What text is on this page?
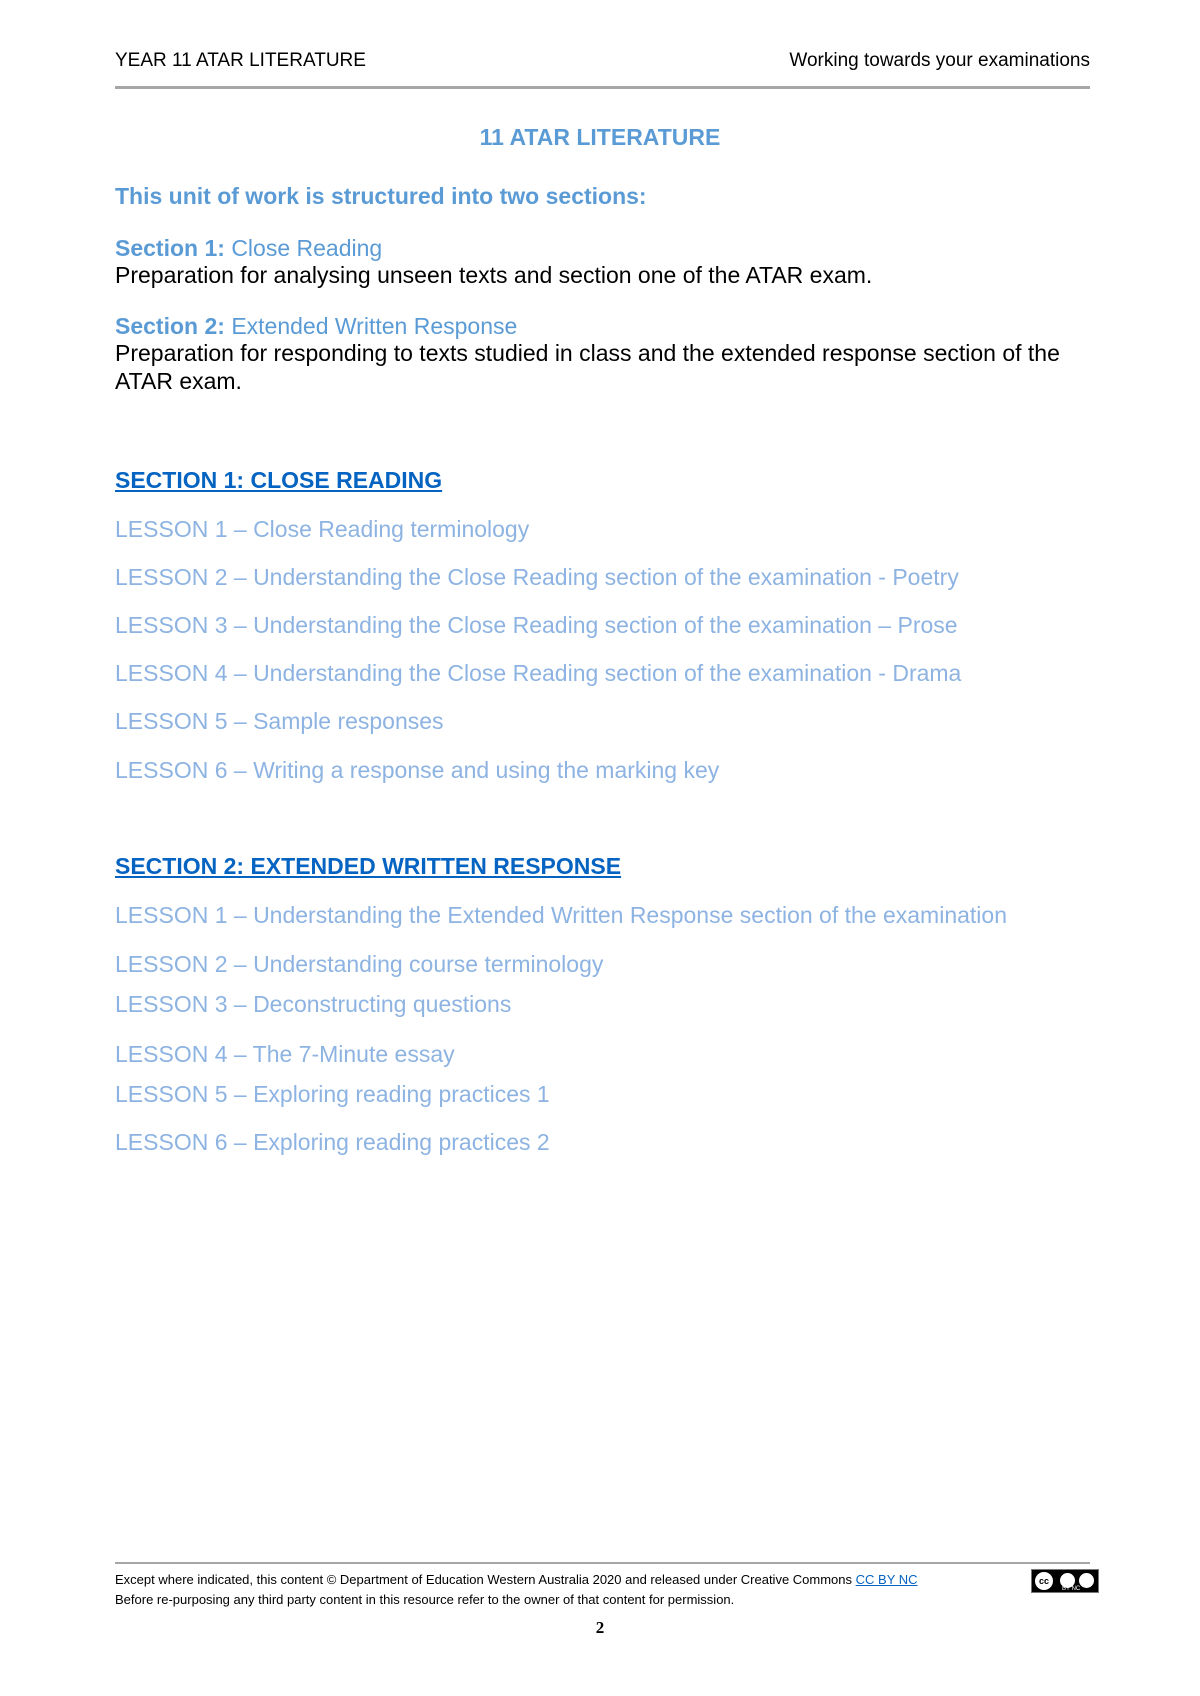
YEAR 11 ATAR LITERATURE	Working towards your examinations
11 ATAR LITERATURE
This unit of work is structured into two sections:
Section 1: Close Reading
Preparation for analysing unseen texts and section one of the ATAR exam.
Section 2: Extended Written Response
Preparation for responding to texts studied in class and the extended response section of the ATAR exam.
SECTION 1: CLOSE READING
LESSON 1 – Close Reading terminology
LESSON 2 – Understanding the Close Reading section of the examination - Poetry
LESSON 3 – Understanding the Close Reading section of the examination – Prose
LESSON 4 – Understanding the Close Reading section of the examination - Drama
LESSON 5 – Sample responses
LESSON 6 – Writing a response and using the marking key
SECTION 2: EXTENDED WRITTEN RESPONSE
LESSON 1 – Understanding the Extended Written Response section of the examination
LESSON 2 – Understanding course terminology
LESSON 3 – Deconstructing questions
LESSON 4 – The 7-Minute essay
LESSON 5 – Exploring reading practices 1
LESSON 6 – Exploring reading practices 2
Except where indicated, this content © Department of Education Western Australia 2020 and released under Creative Commons CC BY NC	cc
BY NC
Before re-purposing any third party content in this resource refer to the owner of that content for permission.
2
